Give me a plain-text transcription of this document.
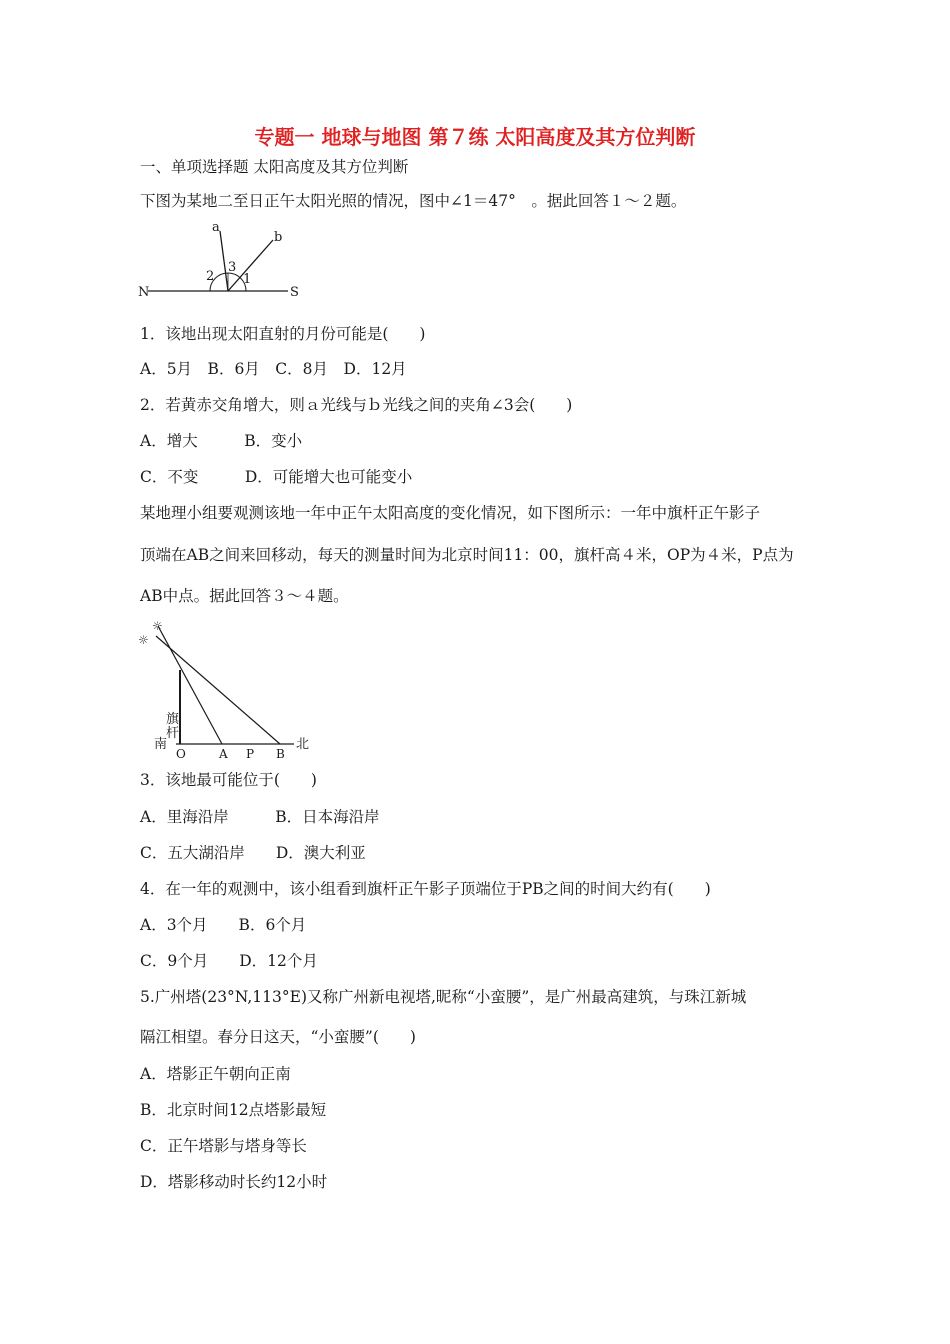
专题一 地球与地图 第７练 太阳高度及其方位判断
一、单项选择题 太阳高度及其方位判断
下图为某地二至日正午太阳光照的情况，图中∠1＝47°　。据此回答１～２题。
a
b
2
3
1
N	S
1．该地出现太阳直射的月份可能是(　　)
A．5月　B．6月　C．8月　D．12月
2．若黄赤交角增大，则ａ光线与ｂ光线之间的夹角∠3会(　　)
A．增大　　　B．变小
C．不变　　　D．可能增大也可能变小
某地理小组要观测该地一年中正午太阳高度的变化情况，如下图所示：一年中旗杆正午影子
顶端在AB之间来回移动，每天的测量时间为北京时间11：00，旗杆高４米，OP为４米，P点为
AB中点。据此回答３～４题。
☼
☼
旗
杆
南	北
O	A P B
3．该地最可能位于(　　)
A．里海沿岸　　　B．日本海沿岸
C．五大湖沿岸　　D．澳大利亚
4．在一年的观测中，该小组看到旗杆正午影子顶端位于PB之间的时间大约有(　　)
A．3个月　　B．6个月
C．9个月　　D．12个月
5.广州塔(23°N,113°E)又称广州新电视塔,昵称“小蛮腰”，是广州最高建筑，与珠江新城
隔江相望。春分日这天，“小蛮腰”(　　)
A．塔影正午朝向正南
B．北京时间12点塔影最短
C．正午塔影与塔身等长
D．塔影移动时长约12小时
